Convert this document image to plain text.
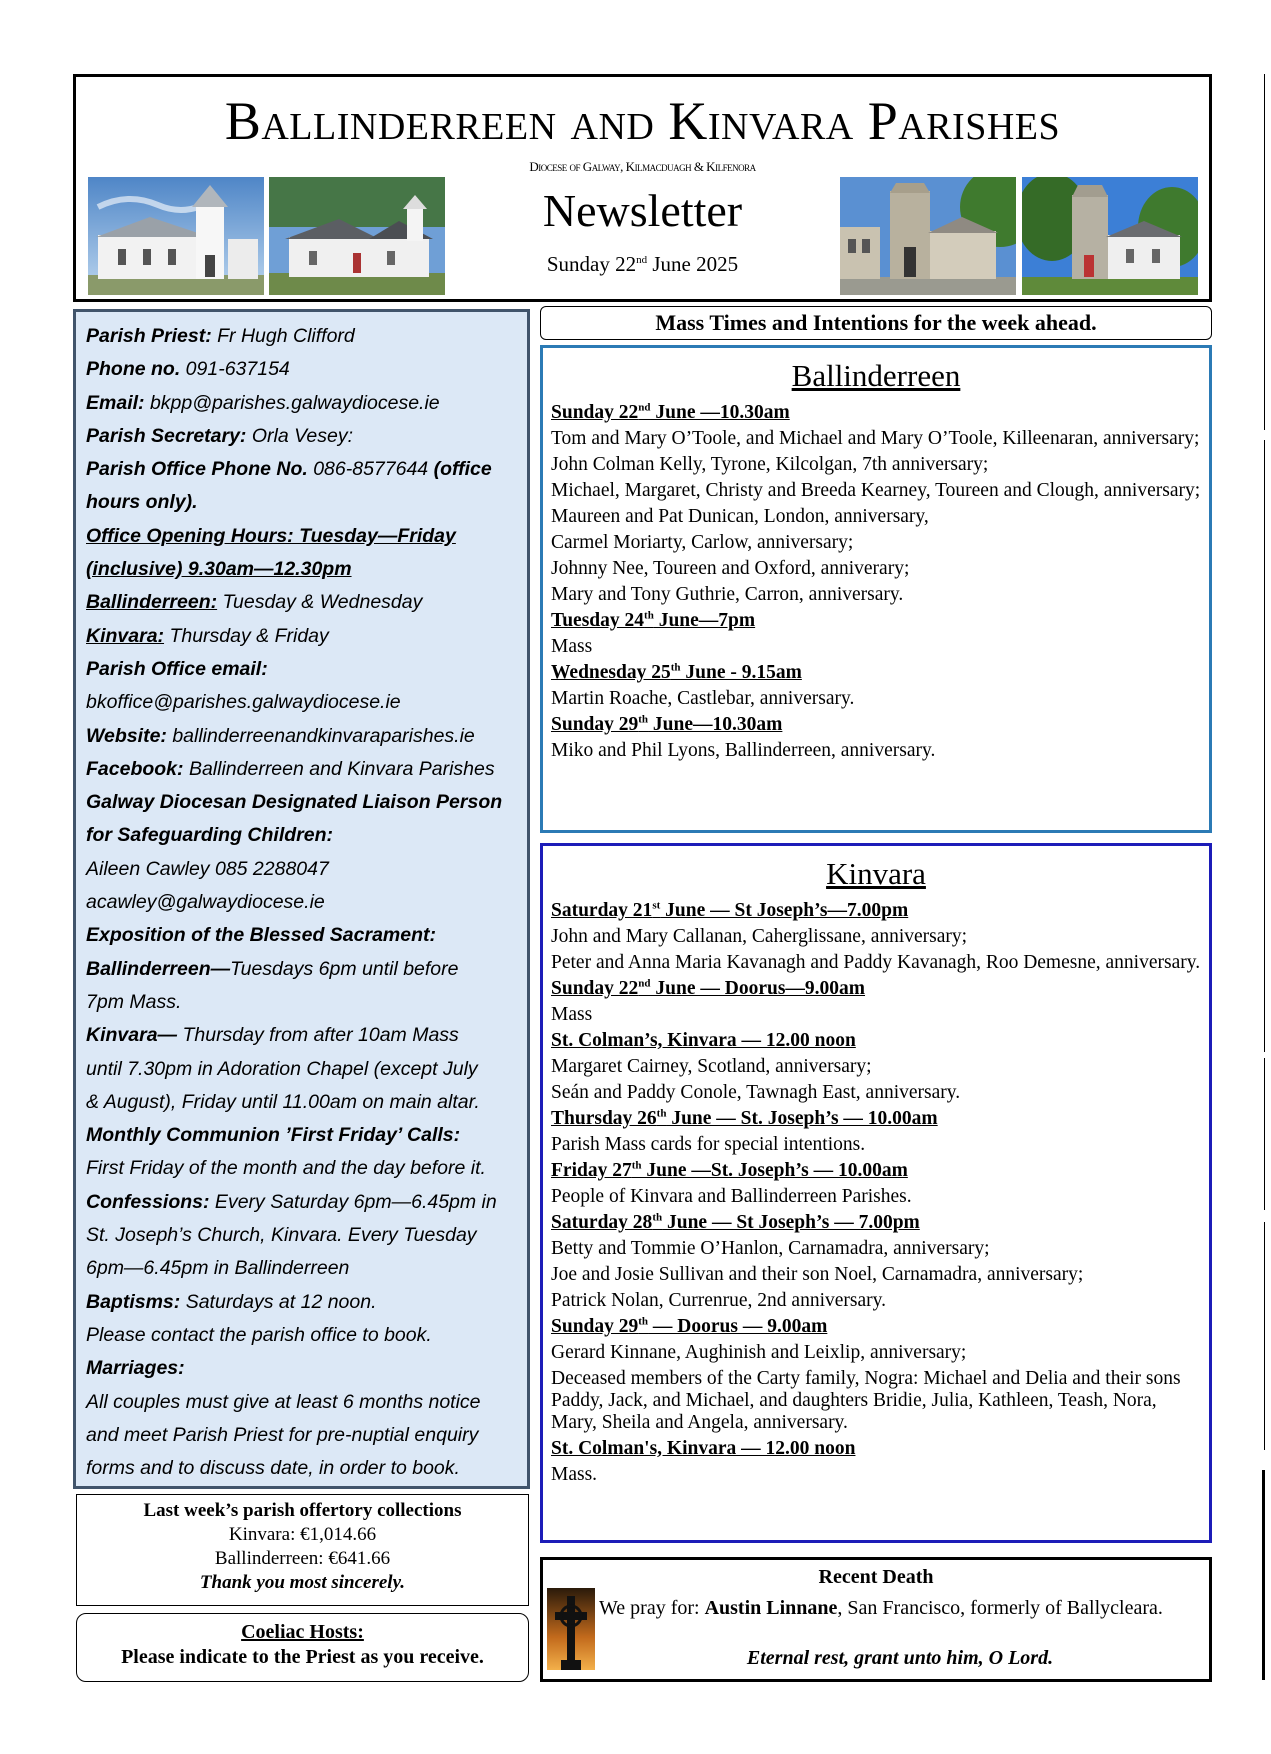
Ballinderreen and Kinvara Parishes
Diocese of Galway, Kilmacduagh & Kilfenora
Newsletter
Sunday 22nd June 2025
Parish Priest: Fr Hugh Clifford
Phone no. 091-637154
Email: bkpp@parishes.galwaydiocese.ie
Parish Secretary: Orla Vesey:
Parish Office Phone No. 086-8577644 (office
hours only).
Office Opening Hours: Tuesday—Friday
(inclusive) 9.30am—12.30pm
Ballinderreen: Tuesday & Wednesday
Kinvara: Thursday & Friday
Parish Office email:
bkoffice@parishes.galwaydiocese.ie
Website: ballinderreenandkinvaraparishes.ie
Facebook: Ballinderreen and Kinvara Parishes
Galway Diocesan Designated Liaison Person
for Safeguarding Children:
Aileen Cawley 085 2288047
acawley@galwaydiocese.ie
Exposition of the Blessed Sacrament:
Ballinderreen—Tuesdays 6pm until before
7pm Mass.
Kinvara— Thursday from after 10am Mass
until 7.30pm in Adoration Chapel (except July
& August), Friday until 11.00am on main altar.
Monthly Communion ’First Friday’ Calls:
First Friday of the month and the day before it.
Confessions: Every Saturday 6pm—6.45pm in
St. Joseph’s Church, Kinvara. Every Tuesday
6pm—6.45pm in Ballinderreen
Baptisms: Saturdays at 12 noon.
Please contact the parish office to book.
Marriages:
All couples must give at least 6 months notice
and meet Parish Priest for pre-nuptial enquiry
forms and to discuss date, in order to book.
Last week’s parish offertory collections
Kinvara: €1,014.66
Ballinderreen: €641.66
Thank you most sincerely.
Coeliac Hosts:
Please indicate to the Priest as you receive.
Mass Times and Intentions for the week ahead.
Ballinderreen
Sunday 22nd June —10.30am
Tom and Mary O’Toole, and Michael and Mary O’Toole, Killeenaran, anniversary;
John Colman Kelly, Tyrone, Kilcolgan, 7th anniversary;
Michael, Margaret, Christy and Breeda Kearney, Toureen and Clough, anniversary;
Maureen and Pat Dunican, London, anniversary,
Carmel Moriarty, Carlow, anniversary;
Johnny Nee, Toureen and Oxford, anniverary;
Mary and Tony Guthrie, Carron, anniversary.
Tuesday 24th June—7pm
Mass
Wednesday 25th June - 9.15am
Martin Roache, Castlebar, anniversary.
Sunday 29th June—10.30am
Miko and Phil Lyons, Ballinderreen, anniversary.
Kinvara
Saturday 21st June — St Joseph’s—7.00pm
John and Mary Callanan, Caherglissane, anniversary;
Peter and Anna Maria Kavanagh and Paddy Kavanagh, Roo Demesne, anniversary.
Sunday 22nd June — Doorus—9.00am
Mass
St. Colman’s, Kinvara — 12.00 noon
Margaret Cairney, Scotland, anniversary;
Seán and Paddy Conole, Tawnagh East, anniversary.
Thursday 26th June — St. Joseph’s — 10.00am
Parish Mass cards for special intentions.
Friday 27th June —St. Joseph’s — 10.00am
People of Kinvara and Ballinderreen Parishes.
Saturday 28th June — St Joseph’s — 7.00pm
Betty and Tommie O’Hanlon, Carnamadra, anniversary;
Joe and Josie Sullivan and their son Noel, Carnamadra, anniversary;
Patrick Nolan, Currenrue, 2nd anniversary.
Sunday 29th — Doorus — 9.00am
Gerard Kinnane, Aughinish and Leixlip, anniversary;
Deceased members of the Carty family, Nogra: Michael and Delia and their sons Paddy, Jack, and Michael, and daughters Bridie, Julia, Kathleen, Teash, Nora, Mary, Sheila and Angela, anniversary.
St. Colman's, Kinvara — 12.00 noon
Mass.
Recent Death
We pray for: Austin Linnane, San Francisco, formerly of Ballycleara.
Eternal rest, grant unto him, O Lord.
